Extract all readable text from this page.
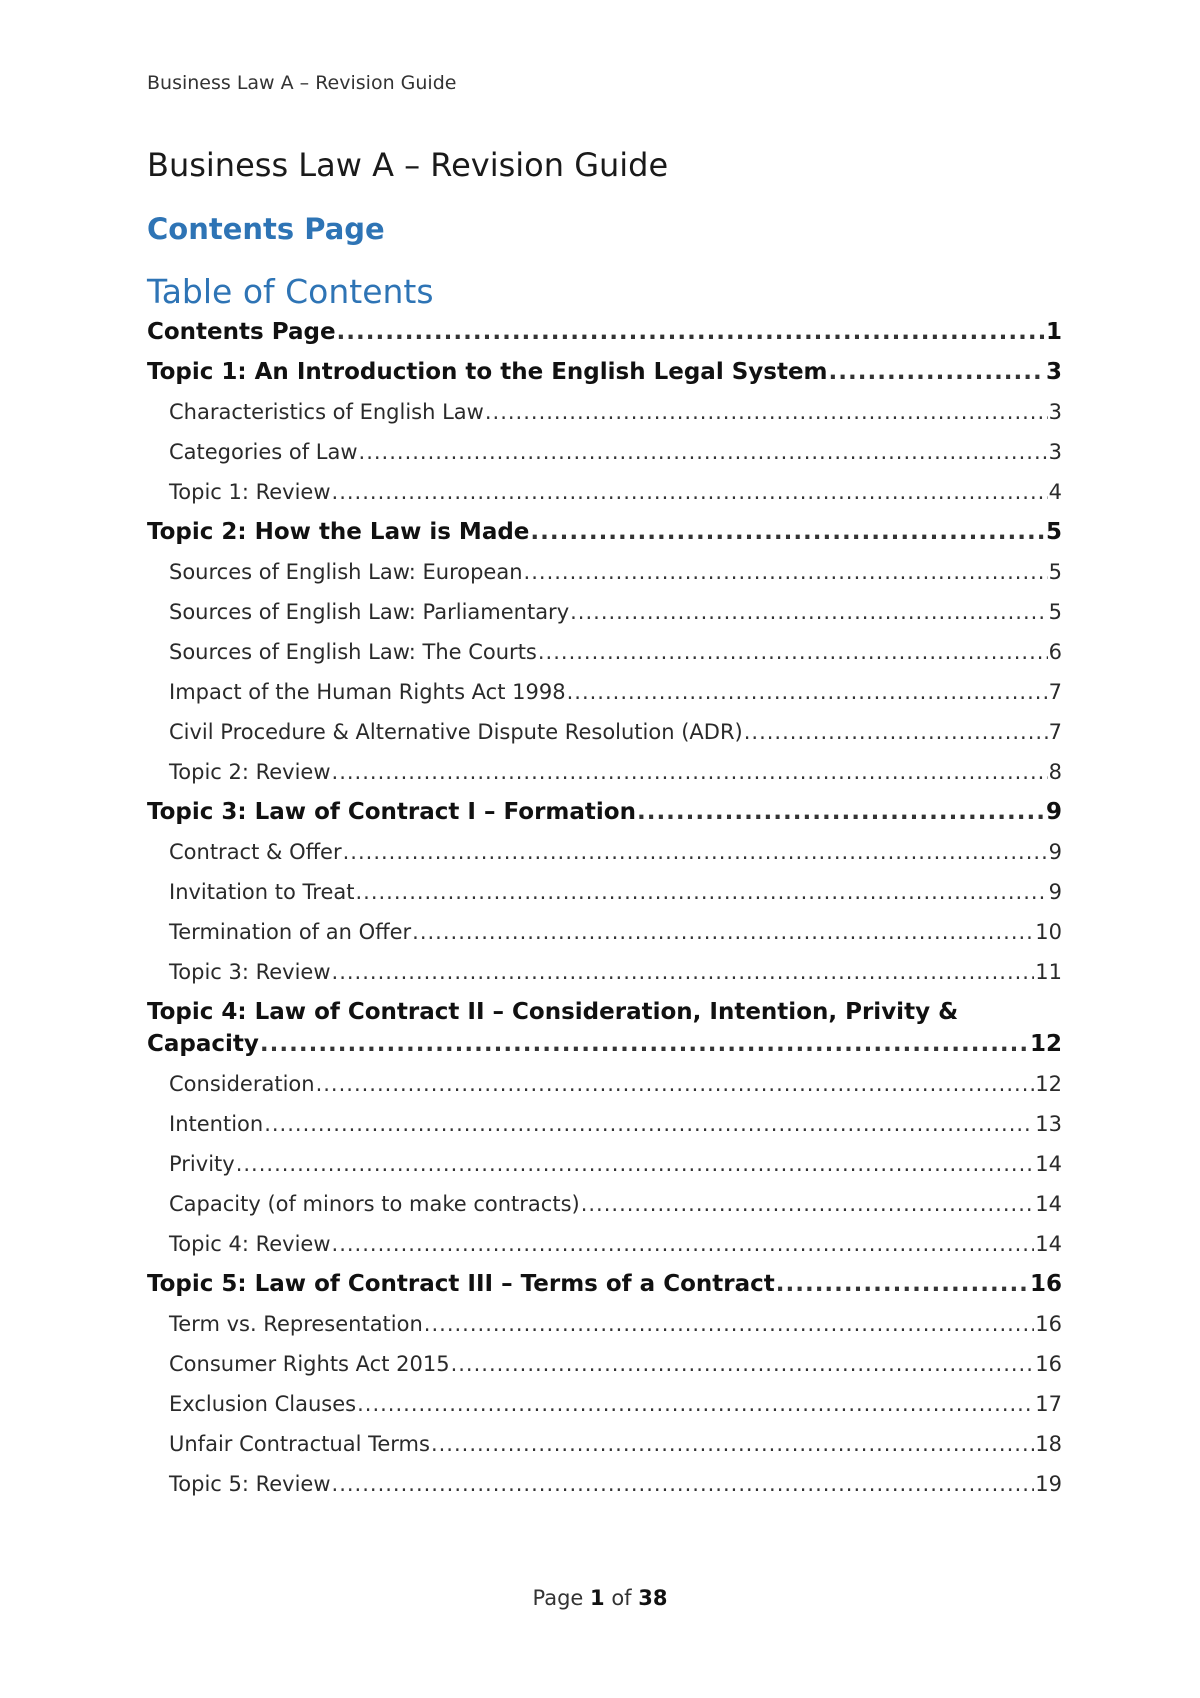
Business Law A – Revision Guide
Business Law A – Revision Guide
Contents Page
Table of Contents
Contents Page .....	1
Topic 1: An Introduction to the English Legal System .....	3
Characteristics of English Law .....	3
Categories of Law .....	3
Topic 1: Review .....	4
Topic 2: How the Law is Made .....	5
Sources of English Law: European .....	5
Sources of English Law: Parliamentary .....	5
Sources of English Law: The Courts .....	6
Impact of the Human Rights Act 1998 .....	7
Civil Procedure & Alternative Dispute Resolution (ADR) .....	7
Topic 2: Review .....	8
Topic 3: Law of Contract I – Formation .....	9
Contract & Offer .....	9
Invitation to Treat .....	9
Termination of an Offer .....	10
Topic 3: Review .....	11
Topic 4: Law of Contract II – Consideration, Intention, Privity &
Capacity .....	12
Consideration .....	12
Intention .....	13
Privity .....	14
Capacity (of minors to make contracts) .....	14
Topic 4: Review .....	14
Topic 5: Law of Contract III – Terms of a Contract .....	16
Term vs. Representation .....	16
Consumer Rights Act 2015 .....	16
Exclusion Clauses .....	17
Unfair Contractual Terms .....	18
Topic 5: Review .....	19
Page 1 of 38
